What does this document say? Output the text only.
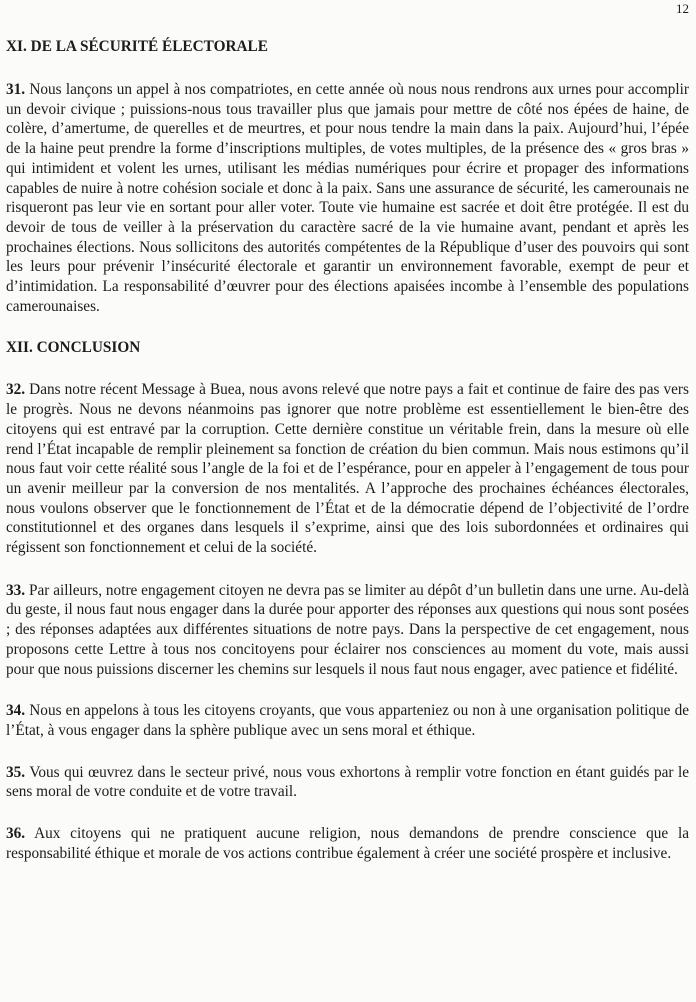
12
XI. DE LA SÉCURITÉ ÉLECTORALE

31. Nous lançons un appel à nos compatriotes, en cette année où nous nous rendrons aux urnes pour accomplir un devoir civique ; puissions-nous tous travailler plus que jamais pour mettre de côté nos épées de haine, de colère, d’amertume, de querelles et de meurtres, et pour nous tendre la main dans la paix. Aujourd’hui, l’épée de la haine peut prendre la forme d’inscriptions multiples, de votes multiples, de la présence des « gros bras » qui intimident et volent les urnes, utilisant les médias numériques pour écrire et propager des informations capables de nuire à notre cohésion sociale et donc à la paix. Sans une assurance de sécurité, les camerounais ne risqueront pas leur vie en sortant pour aller voter. Toute vie humaine est sacrée et doit être protégée. Il est du devoir de tous de veiller à la préservation du caractère sacré de la vie humaine avant, pendant et après les prochaines élections. Nous sollicitons des autorités compétentes de la République d’user des pouvoirs qui sont les leurs pour prévenir l’insécurité électorale et garantir un environnement favorable, exempt de peur et d’intimidation. La responsabilité d’œuvrer pour des élections apaisées incombe à l’ensemble des populations camerounaises.

XII. CONCLUSION

32. Dans notre récent Message à Buea, nous avons relevé que notre pays a fait et continue de faire des pas vers le progrès. Nous ne devons néanmoins pas ignorer que notre problème est essentiellement le bien-être des citoyens qui est entravé par la corruption. Cette dernière constitue un véritable frein, dans la mesure où elle rend l’État incapable de remplir pleinement sa fonction de création du bien commun. Mais nous estimons qu’il nous faut voir cette réalité sous l’angle de la foi et de l’espérance, pour en appeler à l’engagement de tous pour un avenir meilleur par la conversion de nos mentalités. A l’approche des prochaines échéances électorales, nous voulons observer que le fonctionnement de l’État et de la démocratie dépend de l’objectivité de l’ordre constitutionnel et des organes dans lesquels il s’exprime, ainsi que des lois subordonnées et ordinaires qui régissent son fonctionnement et celui de la société.

33. Par ailleurs, notre engagement citoyen ne devra pas se limiter au dépôt d’un bulletin dans une urne. Au-delà du geste, il nous faut nous engager dans la durée pour apporter des réponses aux questions qui nous sont posées ; des réponses adaptées aux différentes situations de notre pays. Dans la perspective de cet engagement, nous proposons cette Lettre à tous nos concitoyens pour éclairer nos consciences au moment du vote, mais aussi pour que nous puissions discerner les chemins sur lesquels il nous faut nous engager, avec patience et fidélité.

34. Nous en appelons à tous les citoyens croyants, que vous apparteniez ou non à une organisation politique de l’État, à vous engager dans la sphère publique avec un sens moral et éthique.

35. Vous qui œuvrez dans le secteur privé, nous vous exhortons à remplir votre fonction en étant guidés par le sens moral de votre conduite et de votre travail.

36. Aux citoyens qui ne pratiquent aucune religion, nous demandons de prendre conscience que la responsabilité éthique et morale de vos actions contribue également à créer une société prospère et inclusive.
